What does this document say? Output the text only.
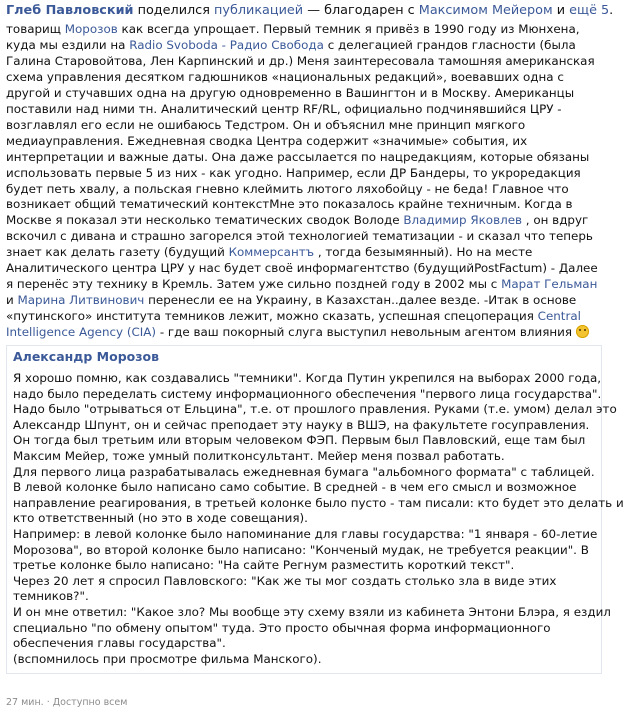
Глеб Павловский поделился публикацией — благодарен с Максимом Мейером и ещё 5.

товарищ Морозов как всегда упрощает. Первый темник я привёз в 1990 году из Мюнхена, куда мы ездили на Radio Svoboda - Радио Свобода с делегацией грандов гласности (была Галина Старовойтова, Лен Карпинский и др.) Меня заинтересовала тамошняя американская схема управления десятком гадюшников «национальных редакций», воевавших одна с другой и стучавших одна на другую одновременно в Вашингтон и в Москву. Американцы поставили над ними тн. Аналитический центр RF/RL, официально подчинявшийся ЦРУ - возглавлял его если не ошибаюсь Тедстром. Он и объяснил мне принцип мягкого медиауправления. Ежедневная сводка Центра содержит «значимые» события, их интерпретации и важные даты. Она даже рассылается по нацредакциям, которые обязаны использовать первые 5 из них - как угодно. Например, если ДР Бандеры, то укроредакция будет петь хвалу, а польская гневно клеймить лютого ляхобойцу - не беда! Главное что возникает общий тематический контекстМне это показалось крайне техничным. Когда в Москве я показал эти несколько тематических сводок Володе Владимир Яковлев , он вдруг вскочил с дивана и страшно загорелся этой технологией тематизации - и сказал что теперь знает как делать газету (будущий Коммерсантъ , тогда безымянный). Но на месте Аналитического центра ЦРУ у нас будет своё информагентство (будущийPostFactum) - Далее я перенёс эту технику в Кремль. Затем уже сильно поздней году в 2002 мы с Марат Гельман и Марина Литвинович перенесли ее на Украину, в Казахстан..далее везде. -Итак в основе «путинского» института темников лежит, можно сказать, успешная спецоперация Central Intelligence Agency (CIA) - где ваш покорный слуга выступил невольным агентом влияния

Александр Морозов
Я хорошо помню, как создавались "темники". Когда Путин укрепился на выборах 2000 года,
надо было переделать систему информационного обеспечения "первого лица государства".
Надо было "отрываться от Ельцина", т.е. от прошлого правления. Руками (т.е. умом) делал это
Александр Шпунт, он и сейчас преподает эту науку в ВШЭ, на факультете госуправления.
Он тогда был третьим или вторым человеком ФЭП. Первым был Павловский, еще там был
Максим Мейер, тоже умный политконсультант. Мейер меня позвал работать.
Для первого лица разрабатывалась ежедневная бумага "альбомного формата" с таблицей.
В левой колонке было написано само событие. В средней - в чем его смысл и возможное
направление реагирования, в третьей колонке было пусто - там писали: кто будет это делать и
кто ответственный (но это в ходе совещания).
Например: в левой колонке было напоминание для главы государства: "1 января - 60-летие
Морозова", во второй колонке было написано: "Конченый мудак, не требуется реакции". В
третье колонке было написано: "На сайте Регнум разместить короткий текст".
Через 20 лет я спросил Павловского: "Как же ты мог создать столько зла в виде этих
темников?".
И он мне ответил: "Какое зло? Мы вообще эту схему взяли из кабинета Энтони Блэра, я ездил
специально "по обмену опытом" туда. Это просто обычная форма информационного
обеспечения главы государства".
(вспомнилось при просмотре фильма Манского).
27 мин. · Доступно всем
